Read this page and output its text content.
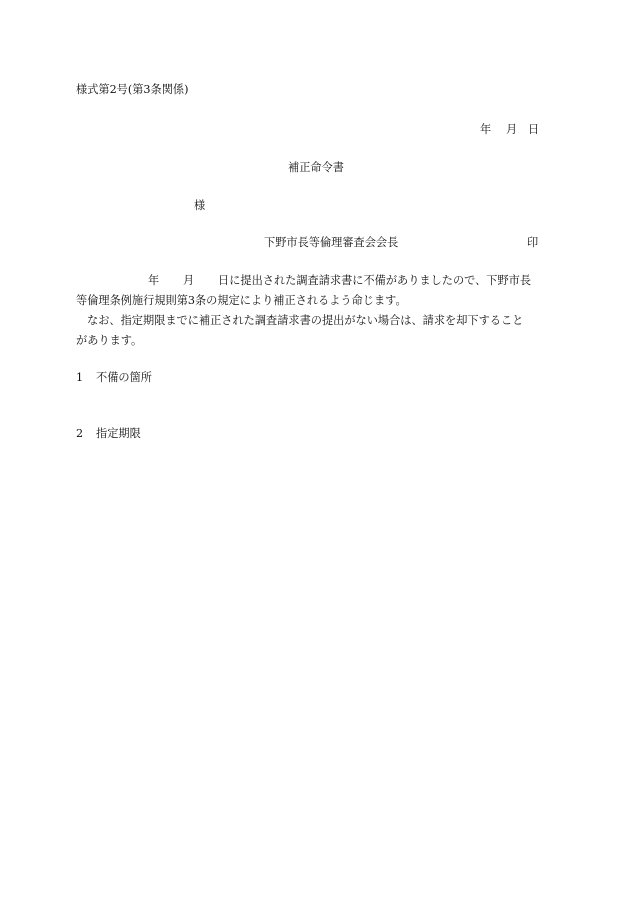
様式第2号(第3条関係)
年 月 日
補正命令書
様
下野市長等倫理審査会会長	印
年 月 日に提出された調査請求書に不備がありましたので、下野市長
等倫理条例施行規則第3条の規定により補正されるよう命じます。
なお、指定期限までに補正された調査請求書の提出がない場合は、請求を却下すること
があります。
1 不備の箇所
2 指定期限
